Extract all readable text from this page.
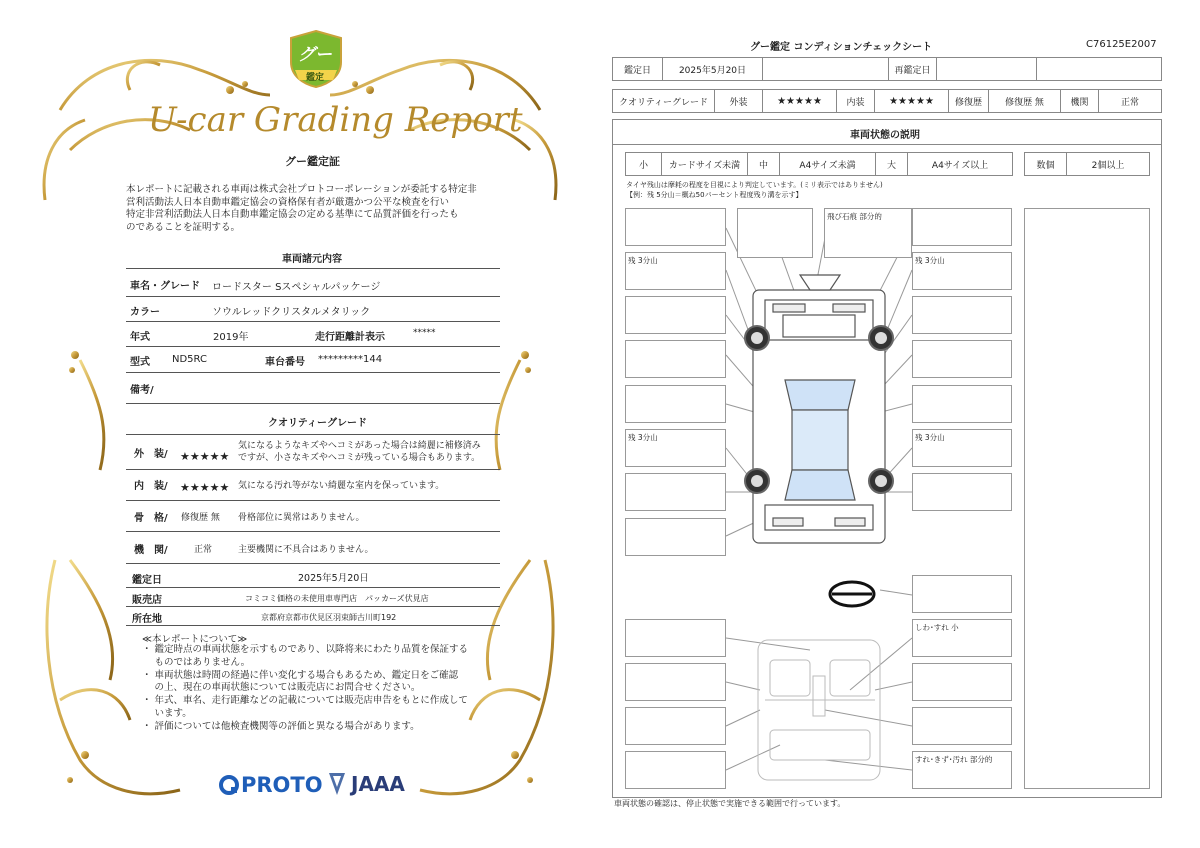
グー
鑑定
U-car Grading Report
グー鑑定証
本レポートに記載される車両は株式会社プロトコーポレーションが委託する特定非
営利活動法人日本自動車鑑定協会の資格保有者が厳選かつ公平な検査を行い
特定非営利活動法人日本自動車鑑定協会の定める基準にて品質評価を行ったも
のであることを証明する。
車両諸元内容
車名・グレード ロードスター Sスペシャルパッケージ
カラー	ソウルレッドクリスタルメタリック
年式	2019年	走行距離計表示	*****
型式 ND5RC	車台番号 *********144
備考/
クオリティーグレード
外　装/ ★★★★★
気になるようなキズやヘコミがあった場合は綺麗に補修済み
ですが、小さなキズやヘコミが残っている場合もあります。
内　装/ ★★★★★ 気になる汚れ等がない綺麗な室内を保っています。
骨　格/ 修復歴 無 骨格部位に異常はありません。
機　関/	正常	主要機関に不具合はありません。
鑑定日	2025年5月20日
販売店	コミコミ価格の未使用車専門店　パッカーズ伏見店
所在地	京都府京都市伏見区羽束師古川町192
≪本レポートについて≫
・ 鑑定時点の車両状態を示すものであり、以降将来にわたり品質を保証する
　 ものではありません。
・ 車両状態は時間の経過に伴い変化する場合もあるため、鑑定日をご確認
　 の上、現在の車両状態については販売店にお問合せください。
・ 年式、車名、走行距離などの記載については販売店申告をもとに作成して
　 います。
・ 評価については他検査機関等の評価と異なる場合があります。
PROTO JAAA
グー鑑定 コンディションチェックシート	C76125E2007
鑑定日	2025年5月20日	再鑑定日
クオリティーグレード	外装	★★★★★	内装	★★★★★	修復歴	修復歴 無	機関	正常
車両状態の説明
小	カードサイズ未満	中	A4サイズ未満	大	A4サイズ以上	数個	2個以上
タイヤ残山は摩耗の程度を目視により判定しています。(ミリ表示ではありません)
【例：残 5分山＝概ね50パーセント程度残り溝を示す】
飛び石痕 部分的
残 3分山	残 3分山
残 3分山	残 3分山
しわ･すれ 小
すれ･きず･汚れ 部分的
車両状態の確認は、停止状態で実施できる範囲で行っています。
